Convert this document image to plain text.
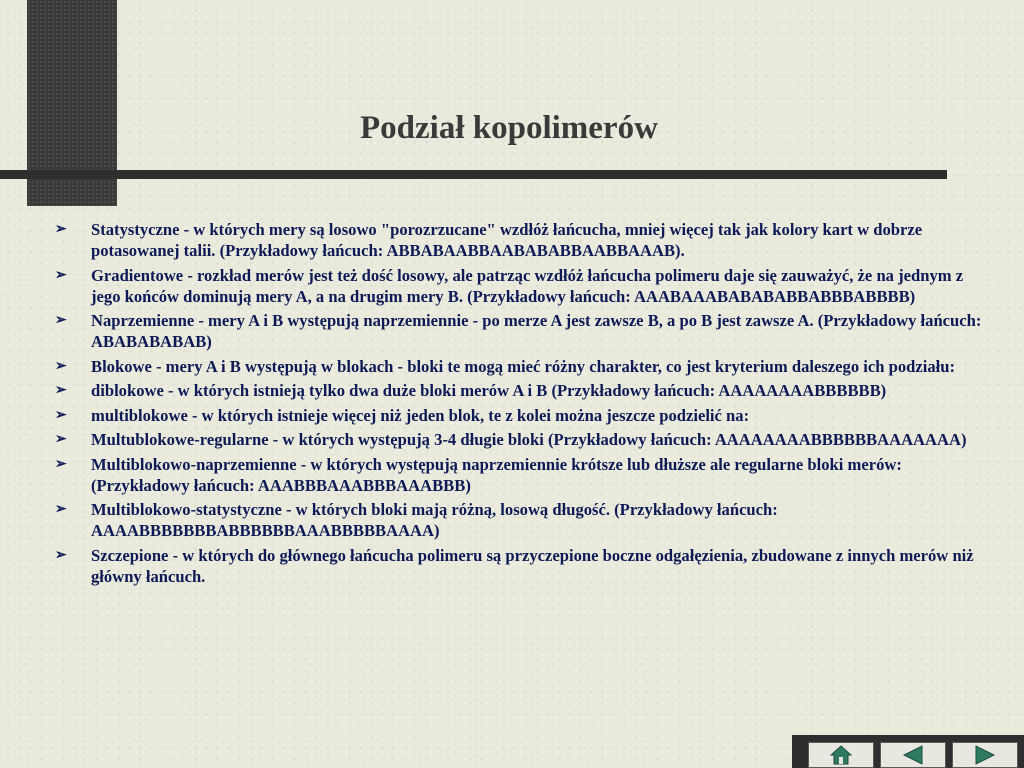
Podział kopolimerów
➢ Statystyczne - w których mery są losowo "porozrzucane" wzdłóż łańcucha, mniej więcej tak jak kolory kart w dobrze potasowanej talii. (Przykładowy łańcuch: ABBABAABBAABABABBAABBAAAB).
➢ Gradientowe - rozkład merów jest też dość losowy, ale patrząc wzdłóż łańcucha polimeru daje się zauważyć, że na jednym z jego końców dominują mery A, a na drugim mery B. (Przykładowy łańcuch: AAABAAABABABABBABBBABBBB)
➢ Naprzemienne - mery A i B występują naprzemiennie - po merze A jest zawsze B, a po B jest zawsze A. (Przykładowy łańcuch: ABABABABAB)
➢ Blokowe - mery A i B występują w blokach - bloki te mogą mieć różny charakter, co jest kryterium daleszego ich podziału:
➢ diblokowe - w których istnieją tylko dwa duże bloki merów A i B (Przykładowy łańcuch: AAAAAAAABBBBBB)
➢ multiblokowe - w których istnieje więcej niż jeden blok, te z kolei można jeszcze podzielić na:
➢ Multublokowe-regularne - w których występują 3-4 długie bloki (Przykładowy łańcuch: AAAAAAAABBBBBBAAAAAAA)
➢ Multiblokowo-naprzemienne - w których występują naprzemiennie krótsze lub dłuższe ale regularne bloki merów: (Przykładowy łańcuch: AAABBBAAABBBAAABBB)
➢ Multiblokowo-statystyczne - w których bloki mają różną, losową długość. (Przykładowy łańcuch: AAAABBBBBBBABBBBBBAAABBBBBAAAA)
➢ Szczepione - w których do głównego łańcucha polimeru są przyczepione boczne odgałęzienia, zbudowane z innych merów niż główny łańcuch.
